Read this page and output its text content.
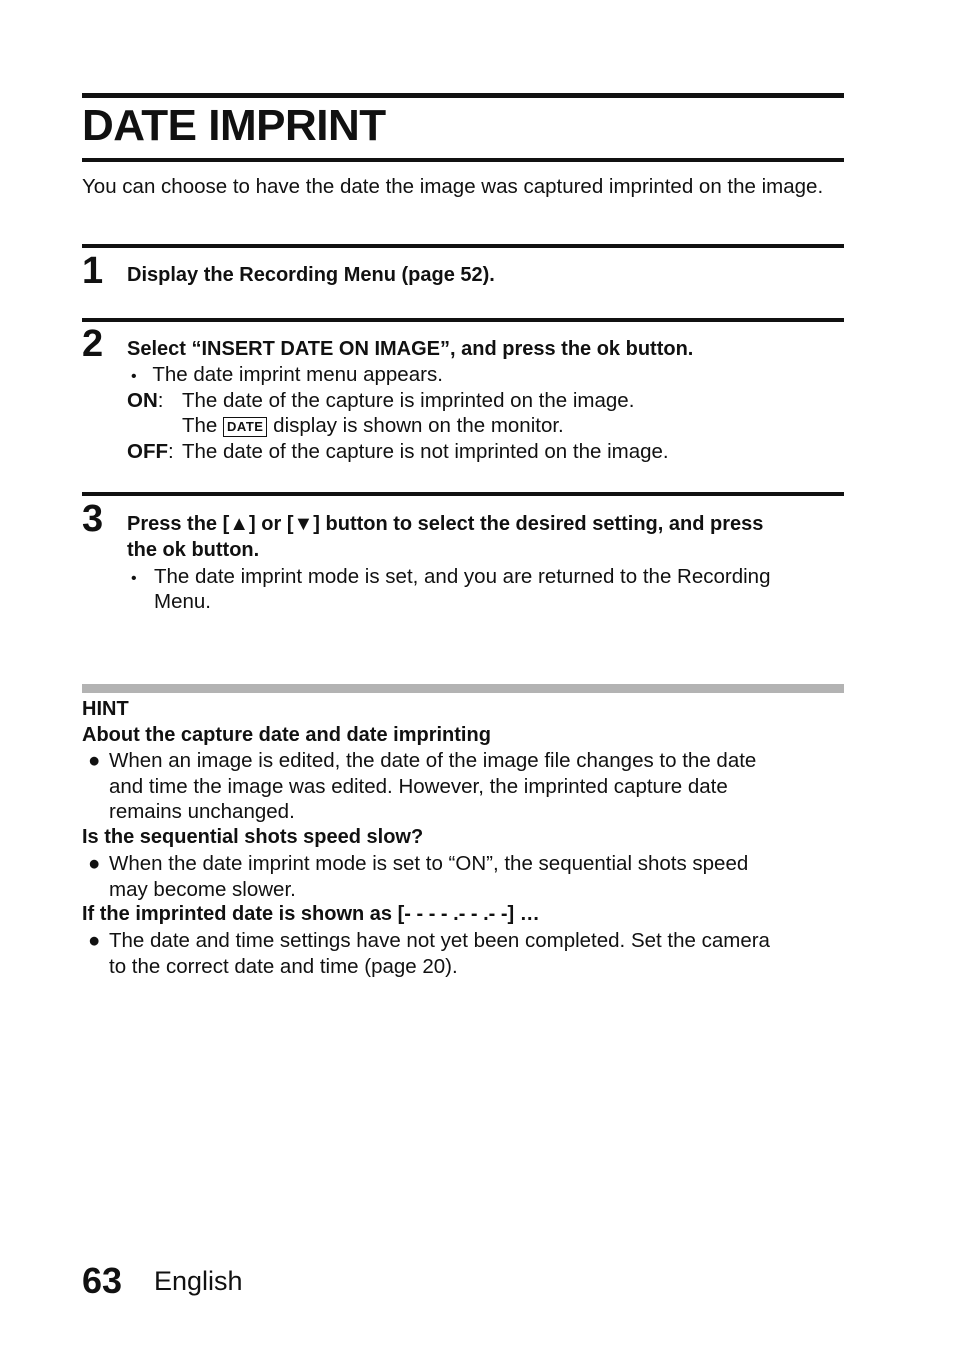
DATE IMPRINT
You can choose to have the date the image was captured imprinted on the image.
1 Display the Recording Menu (page 52).
2 Select “INSERT DATE ON IMAGE”, and press the ok button.
• The date imprint menu appears.
ON: The date of the capture is imprinted on the image.
The DATE display is shown on the monitor.
OFF: The date of the capture is not imprinted on the image.
3 Press the [▲] or [▼] button to select the desired setting, and press
the ok button.
• The date imprint mode is set, and you are returned to the Recording
Menu.
HINT
About the capture date and date imprinting
● When an image is edited, the date of the image file changes to the date
and time the image was edited. However, the imprinted capture date
remains unchanged.
Is the sequential shots speed slow?
● When the date imprint mode is set to “ON”, the sequential shots speed
may become slower.
If the imprinted date is shown as [- - - - .- - .- -] …
● The date and time settings have not yet been completed. Set the camera
to the correct date and time (page 20).
63 English
